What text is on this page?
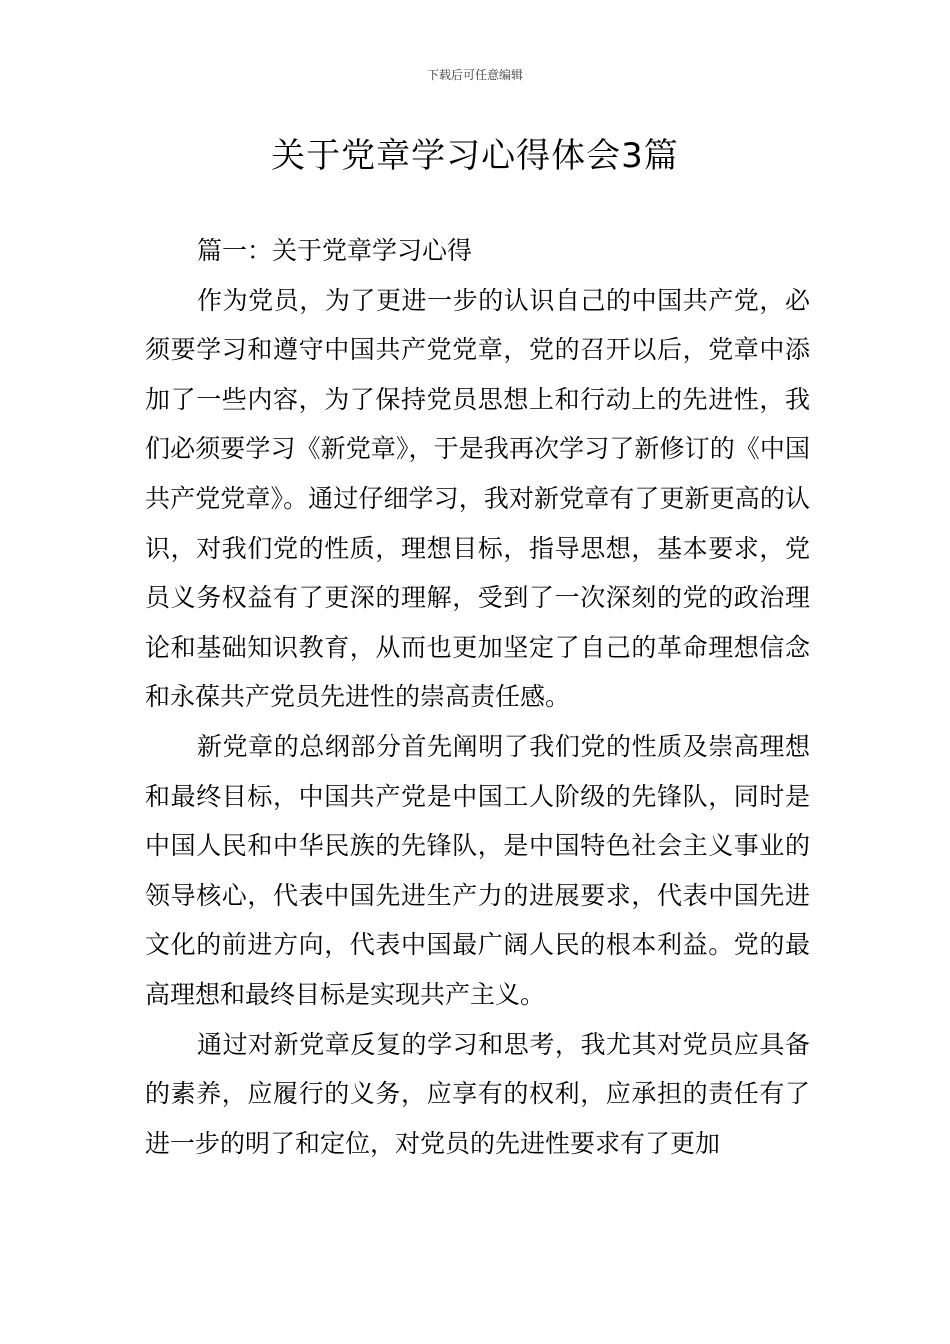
下载后可任意编辑
关于党章学习心得体会3篇

篇一：关于党章学习心得

作为党员，为了更进一步的认识自己的中国共产党，必须要学习和遵守中国共产党党章，党的召开以后，党章中添加了一些内容，为了保持党员思想上和行动上的先进性，我们必须要学习《新党章》，于是我再次学习了新修订的《中国共产党党章》。通过仔细学习，我对新党章有了更新更高的认识，对我们党的性质，理想目标，指导思想，基本要求，党员义务权益有了更深的理解，受到了一次深刻的党的政治理论和基础知识教育，从而也更加坚定了自己的革命理想信念和永葆共产党员先进性的崇高责任感。

新党章的总纲部分首先阐明了我们党的性质及崇高理想和最终目标，中国共产党是中国工人阶级的先锋队，同时是中国人民和中华民族的先锋队，是中国特色社会主义事业的领导核心，代表中国先进生产力的进展要求，代表中国先进文化的前进方向，代表中国最广阔人民的根本利益。党的最高理想和最终目标是实现共产主义。

通过对新党章反复的学习和思考，我尤其对党员应具备的素养，应履行的义务，应享有的权利，应承担的责任有了进一步的明了和定位，对党员的先进性要求有了更加
